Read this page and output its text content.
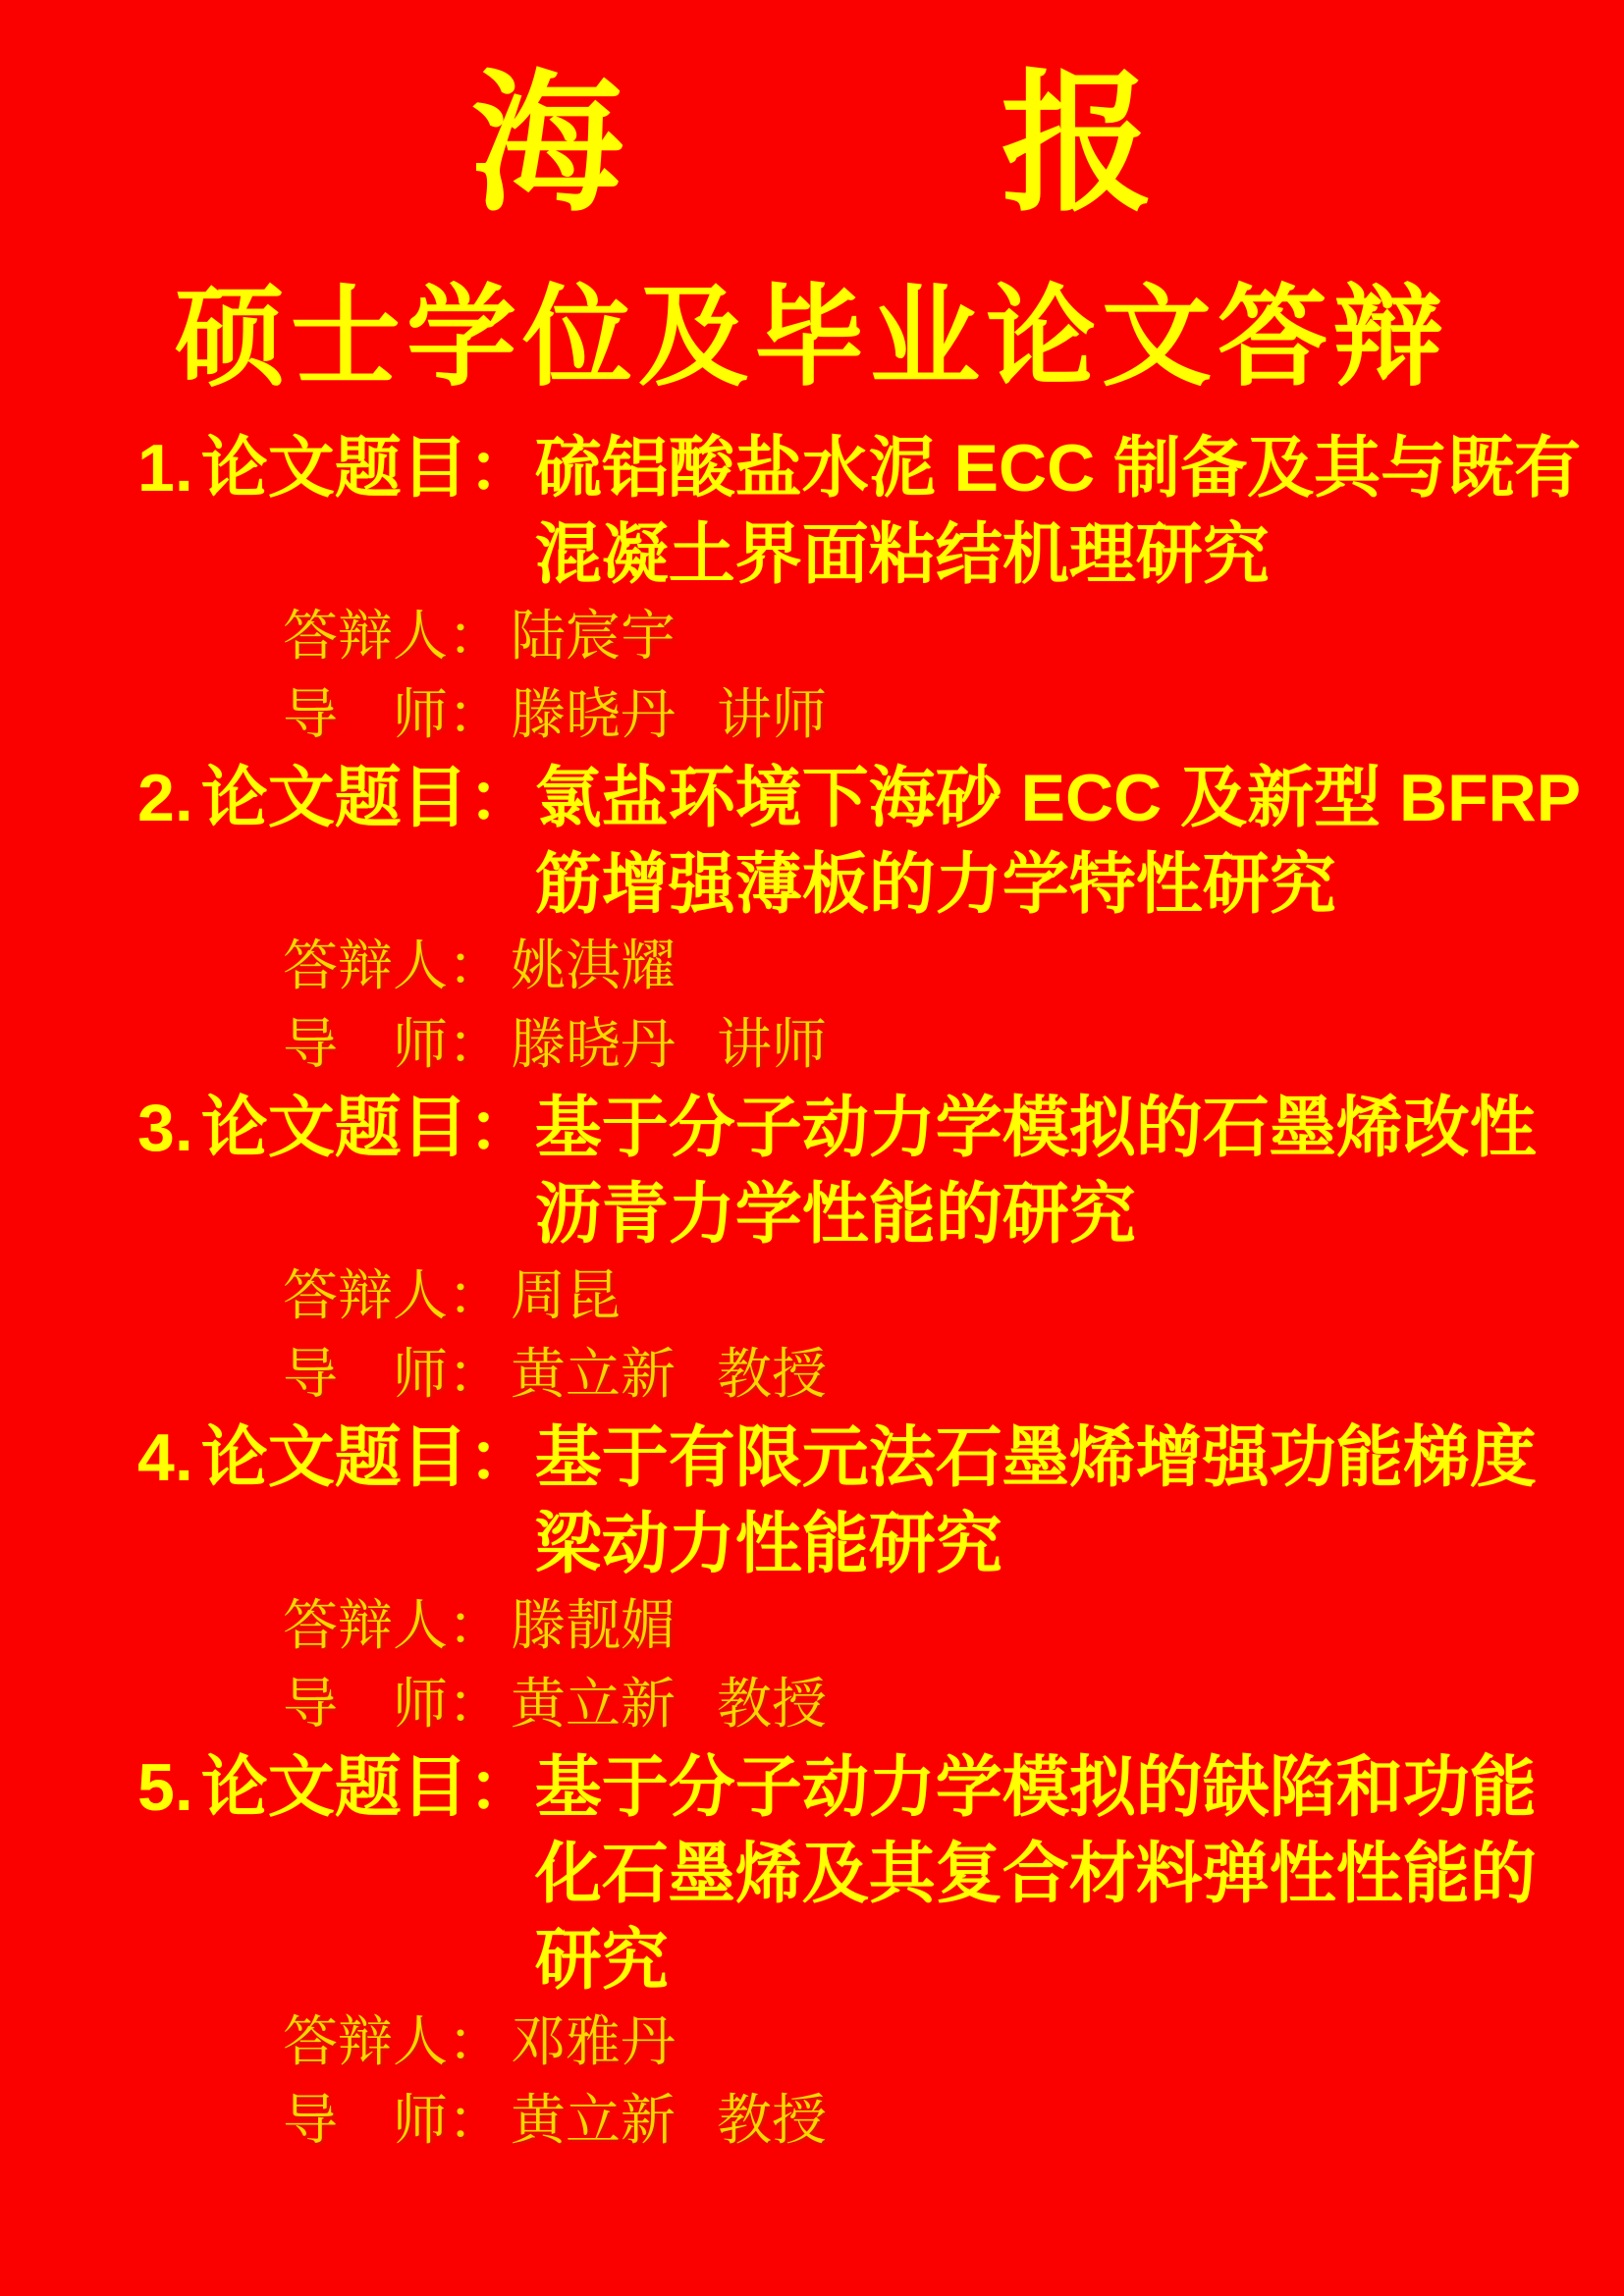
海 报
硕士学位及毕业论文答辩
1. 论文题目： 硫铝酸盐水泥 ECC 制备及其与既有
混凝土界面粘结机理研究
答辩人： 陆宸宇
导　师： 滕晓丹 讲师
2. 论文题目： 氯盐环境下海砂 ECC 及新型 BFRP
筋增强薄板的力学特性研究
答辩人： 姚淇耀
导　师： 滕晓丹 讲师
3. 论文题目： 基于分子动力学模拟的石墨烯改性
沥青力学性能的研究
答辩人： 周昆
导　师： 黄立新 教授
4. 论文题目： 基于有限元法石墨烯增强功能梯度
梁动力性能研究
答辩人： 滕靓媚
导　师： 黄立新 教授
5. 论文题目： 基于分子动力学模拟的缺陷和功能
化石墨烯及其复合材料弹性性能的
研究
答辩人： 邓雅丹
导　师： 黄立新 教授
